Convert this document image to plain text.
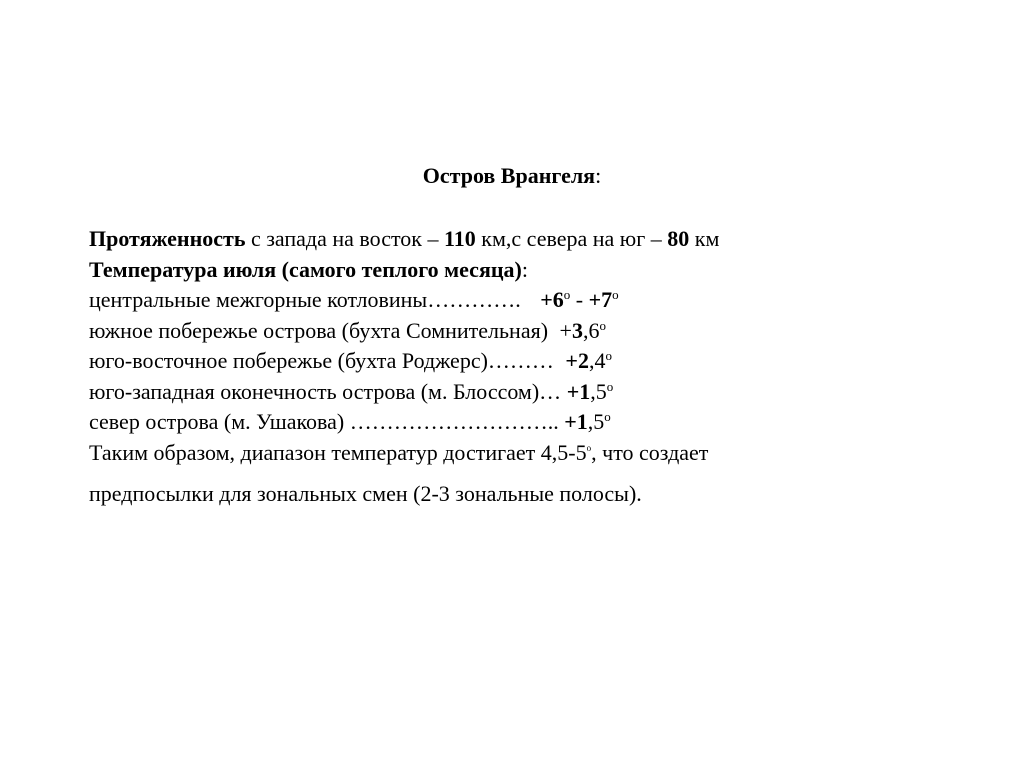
Остров Врангеля:
Протяженность с запада на восток – 110 км,с севера на юг – 80 км
Температура июля (самого теплого месяца):
центральные межгорные котловины…………. $+6^о - +7^о$
южное побережье острова (бухта Сомнительная) $+3,6^о$
юго-восточное побережье (бухта Роджерс)……… $+2,4^о$
юго-западная оконечность острова (м. Блоссом)… $+1,5^о$
север острова (м. Ушакова) ……………………….. $+1,5^о$
Таким образом, диапазон температур достигает $4,5-5^о$, что создает
предпосылки для зональных смен (2-3 зональные полосы).
